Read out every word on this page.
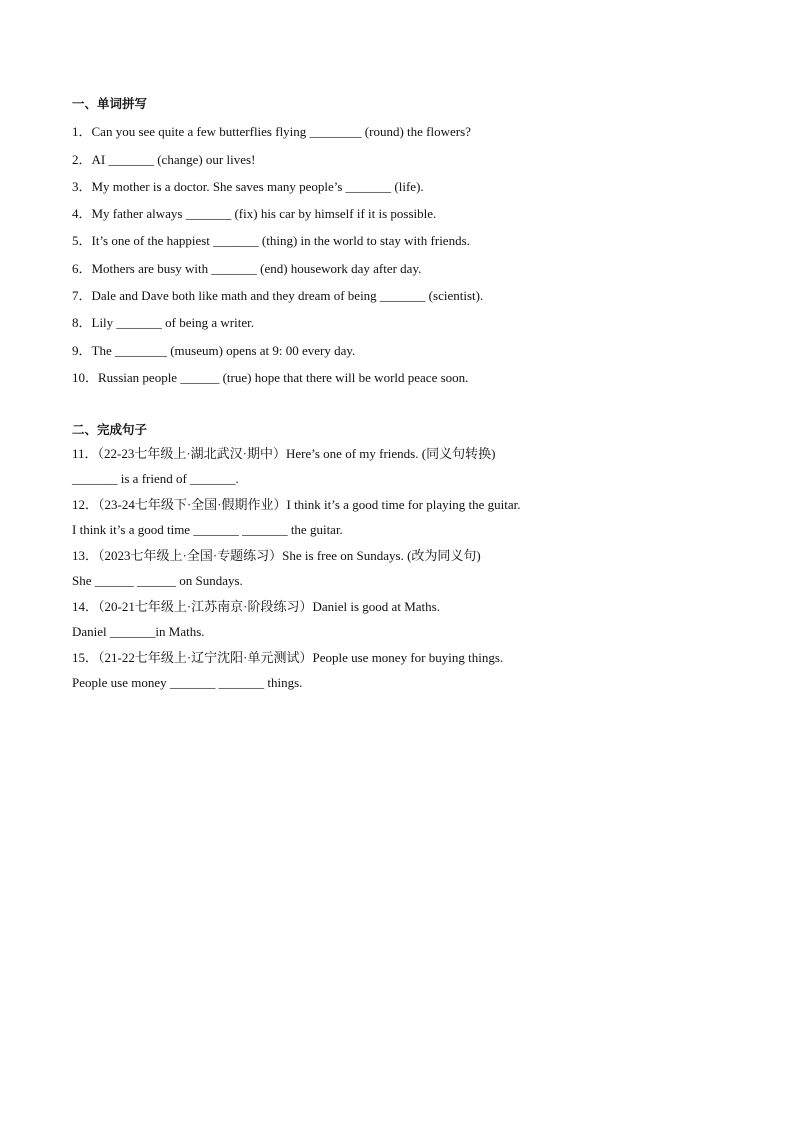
一、单词拼写
1．Can you see quite a few butterflies flying ________ (round) the flowers?
2．AI _______ (change) our lives!
3．My mother is a doctor. She saves many people’s _______ (life).
4．My father always _______ (fix) his car by himself if it is possible.
5．It’s one of the happiest _______ (thing) in the world to stay with friends.
6．Mothers are busy with _______ (end) housework day after day.
7．Dale and Dave both like math and they dream of being _______ (scientist).
8．Lily _______ of being a writer.
9．The ________ (museum) opens at 9: 00 every day.
10．Russian people ______ (true) hope that there will be world peace soon.
二、完成句子
11．（22-23七年级上·湖北武汉·期中）Here’s one of my friends. (同义句转换)
_______ is a friend of _______.
12．（23-24七年级下·全国·假期作业）I think it’s a good time for playing the guitar.
I think it’s a good time _______ _______ the guitar.
13．（2023七年级上·全国·专题练习）She is free on Sundays. (改为同义句)
She ______ ______ on Sundays.
14．（20-21七年级上·江苏南京·阶段练习）Daniel is good at Maths.
Daniel _______in Maths.
15．（21-22七年级上·辽宁沈阳·单元测试）People use money for buying things.
People use money _______ _______ things.
